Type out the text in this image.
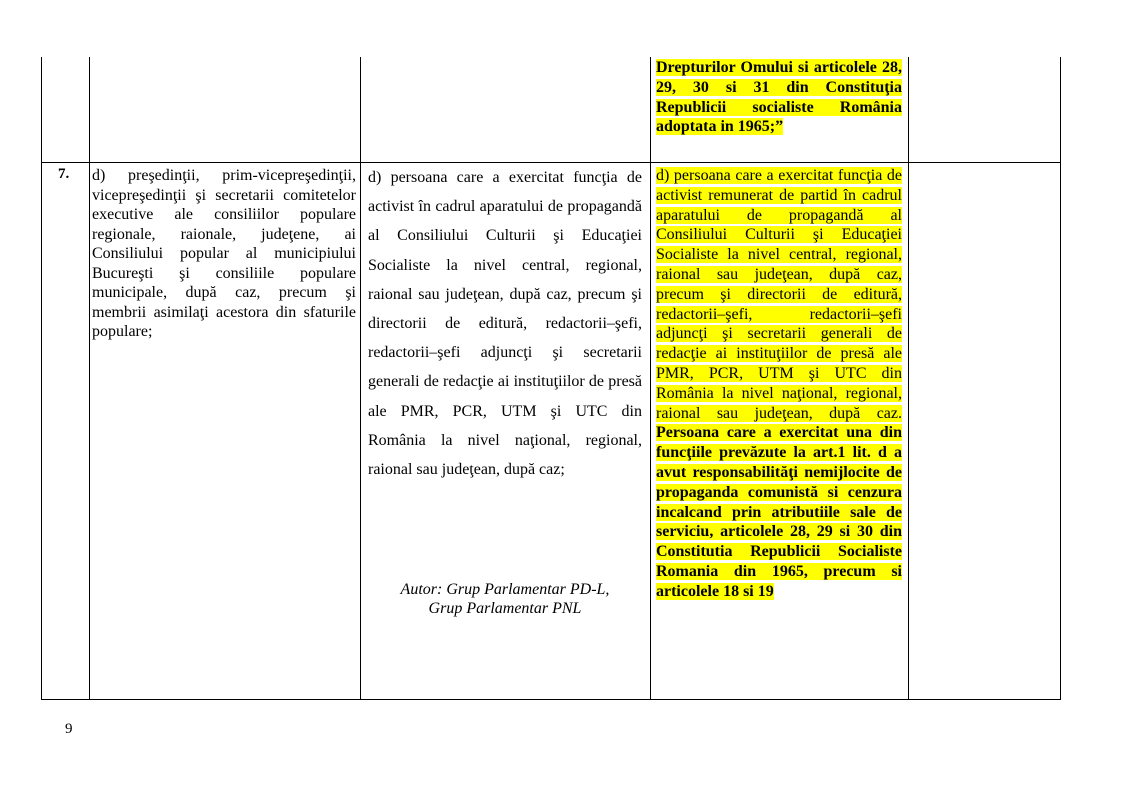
Drepturilor Omului si articolele 28, 29, 30 si 31 din Constituţia Republicii socialiste România adoptata in 1965;”
7. d) preşedinţii, prim-vicepreşedinţii, vicepreşedinţii şi secretarii comitetelor executive ale consiliilor populare regionale, raionale, judeţene, ai Consiliului popular al municipiului Bucureşti şi consiliile populare municipale, după caz, precum şi membrii asimilaţi acestora din sfaturile populare;
d) persoana care a exercitat funcţia de activist în cadrul aparatului de propagandă al Consiliului Culturii şi Educaţiei Socialiste la nivel central, regional, raional sau judeţean, după caz, precum şi directorii de editură, redactorii–şefi, redactorii–şefi adjuncţi şi secretarii generali de redacţie ai instituţiilor de presă ale PMR, PCR, UTM şi UTC din România la nivel naţional, regional, raional sau judeţean, după caz;
Autor: Grup Parlamentar PD-L,
Grup Parlamentar PNL
d) persoana care a exercitat funcţia de activist remunerat de partid în cadrul aparatului de propagandă al Consiliului Culturii şi Educaţiei Socialiste la nivel central, regional, raional sau judeţean, după caz, precum şi directorii de editură, redactorii–şefi, redactorii–şefi adjuncţi şi secretarii generali de redacţie ai instituţiilor de presă ale PMR, PCR, UTM şi UTC din România la nivel naţional, regional, raional sau judeţean, după caz. Persoana care a exercitat una din funcţiile prevăzute la art.1 lit. d a avut responsabilităţi nemijlocite de propaganda comunistă si cenzura incalcand prin atributiile sale de serviciu, articolele 28, 29 si 30 din Constitutia Republicii Socialiste Romania din 1965, precum si articolele 18 si 19
9
